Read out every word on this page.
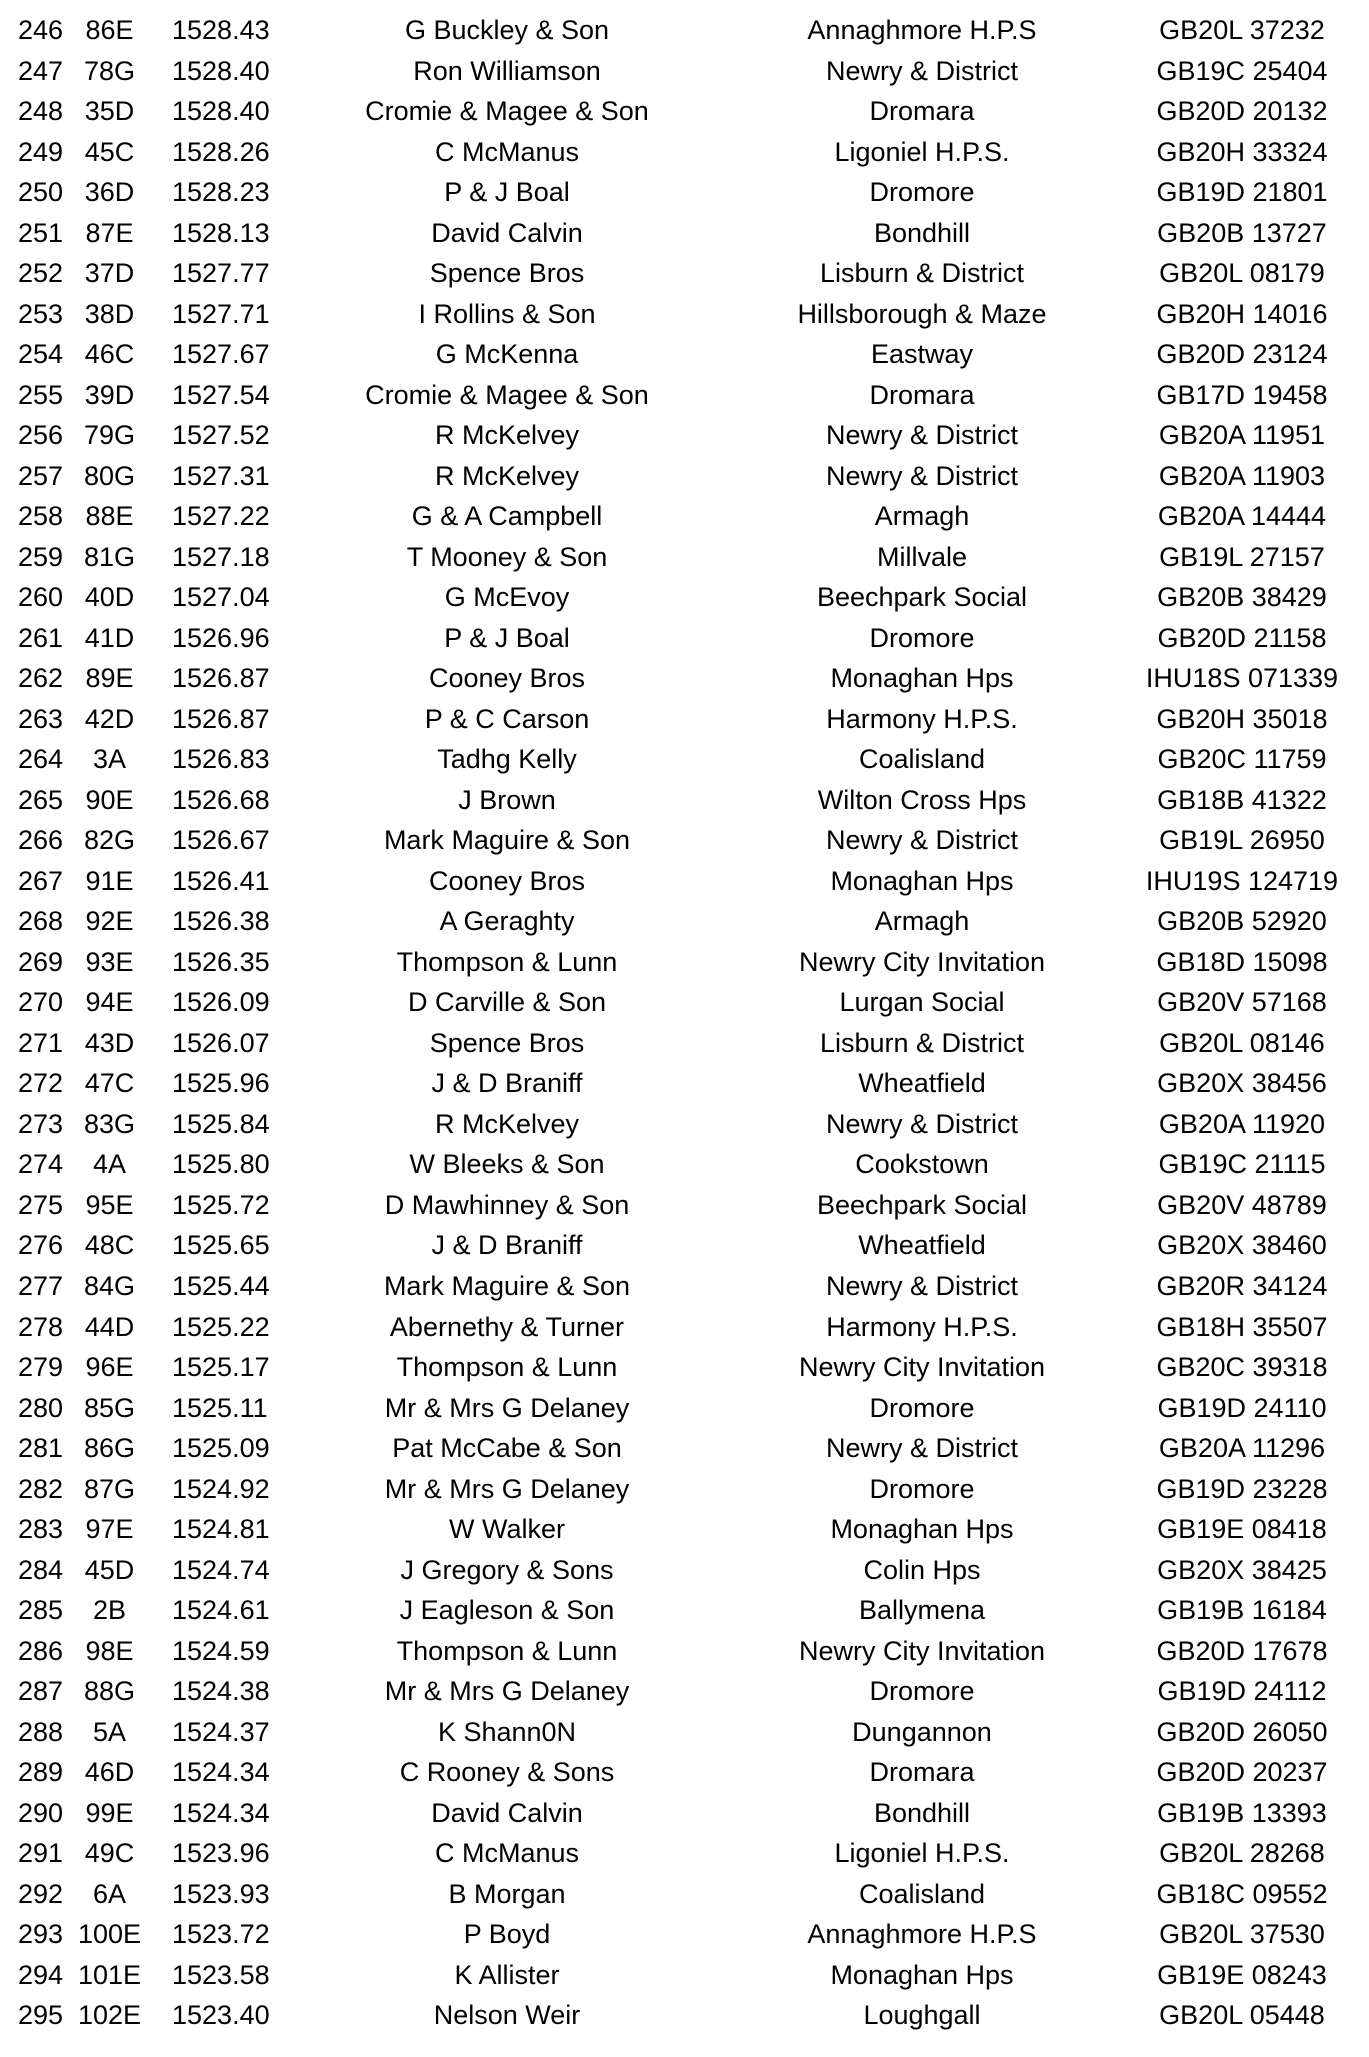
246 86E	1528.43	G Buckley & Son	Annaghmore H.P.S	GB20L 37232
247 78G	1528.40	Ron Williamson	Newry & District	GB19C 25404
248 35D	1528.40	Cromie & Magee & Son	Dromara	GB20D 20132
249 45C	1528.26	C McManus	Ligoniel H.P.S.	GB20H 33324
250 36D	1528.23	P & J Boal	Dromore	GB19D 21801
251 87E	1528.13	David Calvin	Bondhill	GB20B 13727
252 37D	1527.77	Spence Bros	Lisburn & District	GB20L 08179
253 38D	1527.71	I Rollins & Son	Hillsborough & Maze	GB20H 14016
254 46C	1527.67	G McKenna	Eastway	GB20D 23124
255 39D	1527.54	Cromie & Magee & Son	Dromara	GB17D 19458
256 79G	1527.52	R McKelvey	Newry & District	GB20A 11951
257 80G	1527.31	R McKelvey	Newry & District	GB20A 11903
258 88E	1527.22	G & A Campbell	Armagh	GB20A 14444
259 81G	1527.18	T Mooney & Son	Millvale	GB19L 27157
260 40D	1527.04	G McEvoy	Beechpark Social	GB20B 38429
261 41D	1526.96	P & J Boal	Dromore	GB20D 21158
262 89E	1526.87	Cooney Bros	Monaghan Hps	IHU18S 071339
263 42D	1526.87	P & C Carson	Harmony H.P.S.	GB20H 35018
264	3A	1526.83	Tadhg Kelly	Coalisland	GB20C 11759
265 90E	1526.68	J Brown	Wilton Cross Hps	GB18B 41322
266 82G	1526.67	Mark Maguire & Son	Newry & District	GB19L 26950
267 91E	1526.41	Cooney Bros	Monaghan Hps	IHU19S 124719
268 92E	1526.38	A Geraghty	Armagh	GB20B 52920
269 93E	1526.35	Thompson & Lunn	Newry City Invitation	GB18D 15098
270 94E	1526.09	D Carville & Son	Lurgan Social	GB20V 57168
271 43D	1526.07	Spence Bros	Lisburn & District	GB20L 08146
272 47C	1525.96	J & D Braniff	Wheatfield	GB20X 38456
273 83G	1525.84	R McKelvey	Newry & District	GB20A 11920
274	4A	1525.80	W Bleeks & Son	Cookstown	GB19C 21115
275 95E	1525.72	D Mawhinney & Son	Beechpark Social	GB20V 48789
276 48C	1525.65	J & D Braniff	Wheatfield	GB20X 38460
277 84G	1525.44	Mark Maguire & Son	Newry & District	GB20R 34124
278 44D	1525.22	Abernethy & Turner	Harmony H.P.S.	GB18H 35507
279 96E	1525.17	Thompson & Lunn	Newry City Invitation	GB20C 39318
280 85G	1525.11	Mr & Mrs G Delaney	Dromore	GB19D 24110
281 86G	1525.09	Pat McCabe & Son	Newry & District	GB20A 11296
282 87G	1524.92	Mr & Mrs G Delaney	Dromore	GB19D 23228
283 97E	1524.81	W Walker	Monaghan Hps	GB19E 08418
284 45D	1524.74	J Gregory & Sons	Colin Hps	GB20X 38425
285	2B	1524.61	J Eagleson & Son	Ballymena	GB19B 16184
286 98E	1524.59	Thompson & Lunn	Newry City Invitation	GB20D 17678
287 88G	1524.38	Mr & Mrs G Delaney	Dromore	GB19D 24112
288	5A	1524.37	K Shann0N	Dungannon	GB20D 26050
289 46D	1524.34	C Rooney & Sons	Dromara	GB20D 20237
290 99E	1524.34	David Calvin	Bondhill	GB19B 13393
291 49C	1523.96	C McManus	Ligoniel H.P.S.	GB20L 28268
292	6A	1523.93	B Morgan	Coalisland	GB18C 09552
293 100E	1523.72	P Boyd	Annaghmore H.P.S	GB20L 37530
294 101E	1523.58	K Allister	Monaghan Hps	GB19E 08243
295 102E	1523.40	Nelson Weir	Loughgall	GB20L 05448
